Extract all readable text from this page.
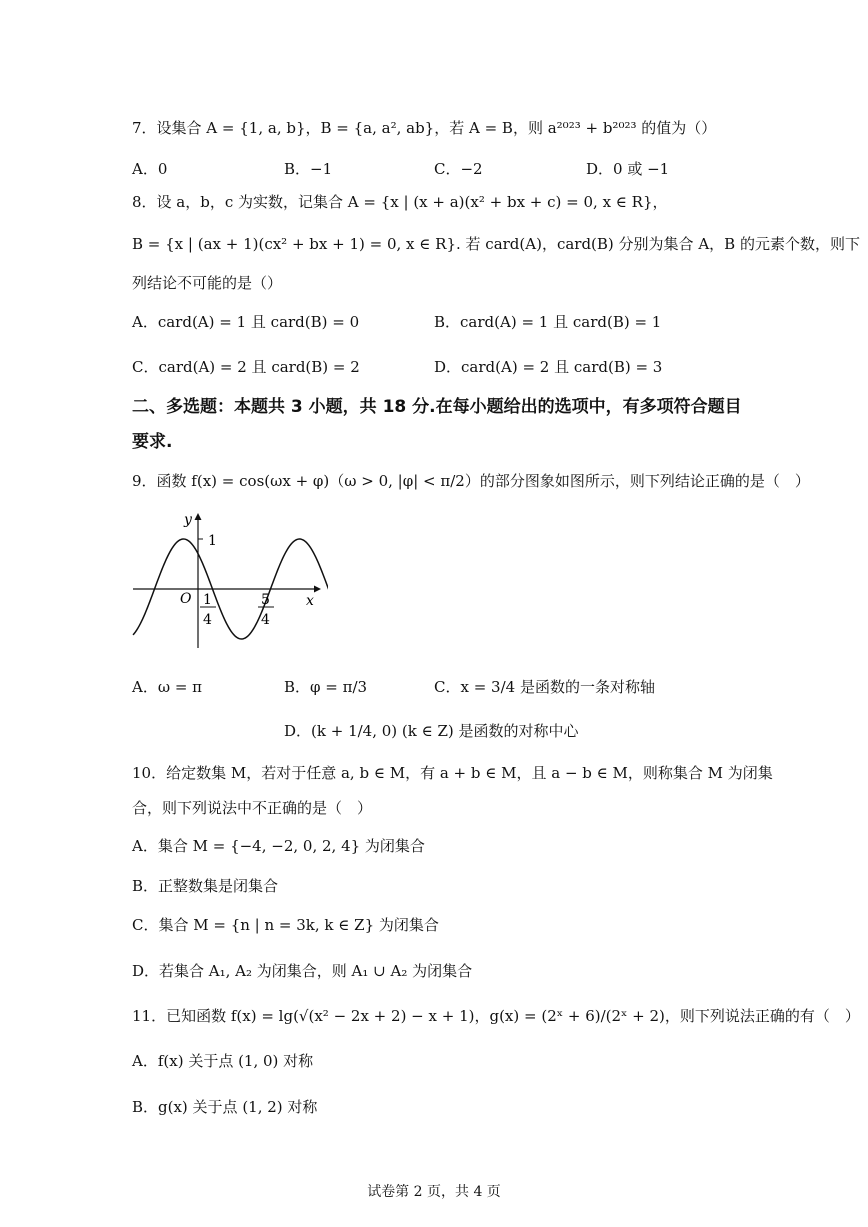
7．设集合 A = {1, a, b}，B = {a, a², ab}，若 A = B，则 a²⁰²³ + b²⁰²³ 的值为（）
A．0	B．−1	C．−2	D．0 或 −1
8．设 a，b，c 为实数，记集合 A = {x | (x + a)(x² + bx + c) = 0, x ∈ R}，
B = {x | (ax + 1)(cx² + bx + 1) = 0, x ∈ R}. 若 card(A)，card(B) 分别为集合 A，B 的元素个数，则下
列结论不可能的是（）
A．card(A) = 1 且 card(B) = 0	B．card(A) = 1 且 card(B) = 1
C．card(A) = 2 且 card(B) = 2	D．card(A) = 2 且 card(B) = 3
二、多选题：本题共 3 小题，共 18 分.在每小题给出的选项中，有多项符合题目
要求.
9．函数 f(x) = cos(ωx + φ)（ω > 0, |φ| < π/2）的部分图象如图所示，则下列结论正确的是（　）
1
y
x
O 1
4
5
4
A．ω = π	B．φ = π/3	C．x = 3/4 是函数的一条对称轴
D．(k + 1/4, 0) (k ∈ Z) 是函数的对称中心
10．给定数集 M，若对于任意 a, b ∈ M，有 a + b ∈ M，且 a − b ∈ M，则称集合 M 为闭集
合，则下列说法中不正确的是（　）
A．集合 M = {−4, −2, 0, 2, 4} 为闭集合
B．正整数集是闭集合
C．集合 M = {n | n = 3k, k ∈ Z} 为闭集合
D．若集合 A₁, A₂ 为闭集合，则 A₁ ∪ A₂ 为闭集合
11．已知函数 f(x) = lg(√(x² − 2x + 2) − x + 1)，g(x) = (2ˣ + 6)/(2ˣ + 2)，则下列说法正确的有（　）
A．f(x) 关于点 (1, 0) 对称
B．g(x) 关于点 (1, 2) 对称
试卷第 2 页，共 4 页
